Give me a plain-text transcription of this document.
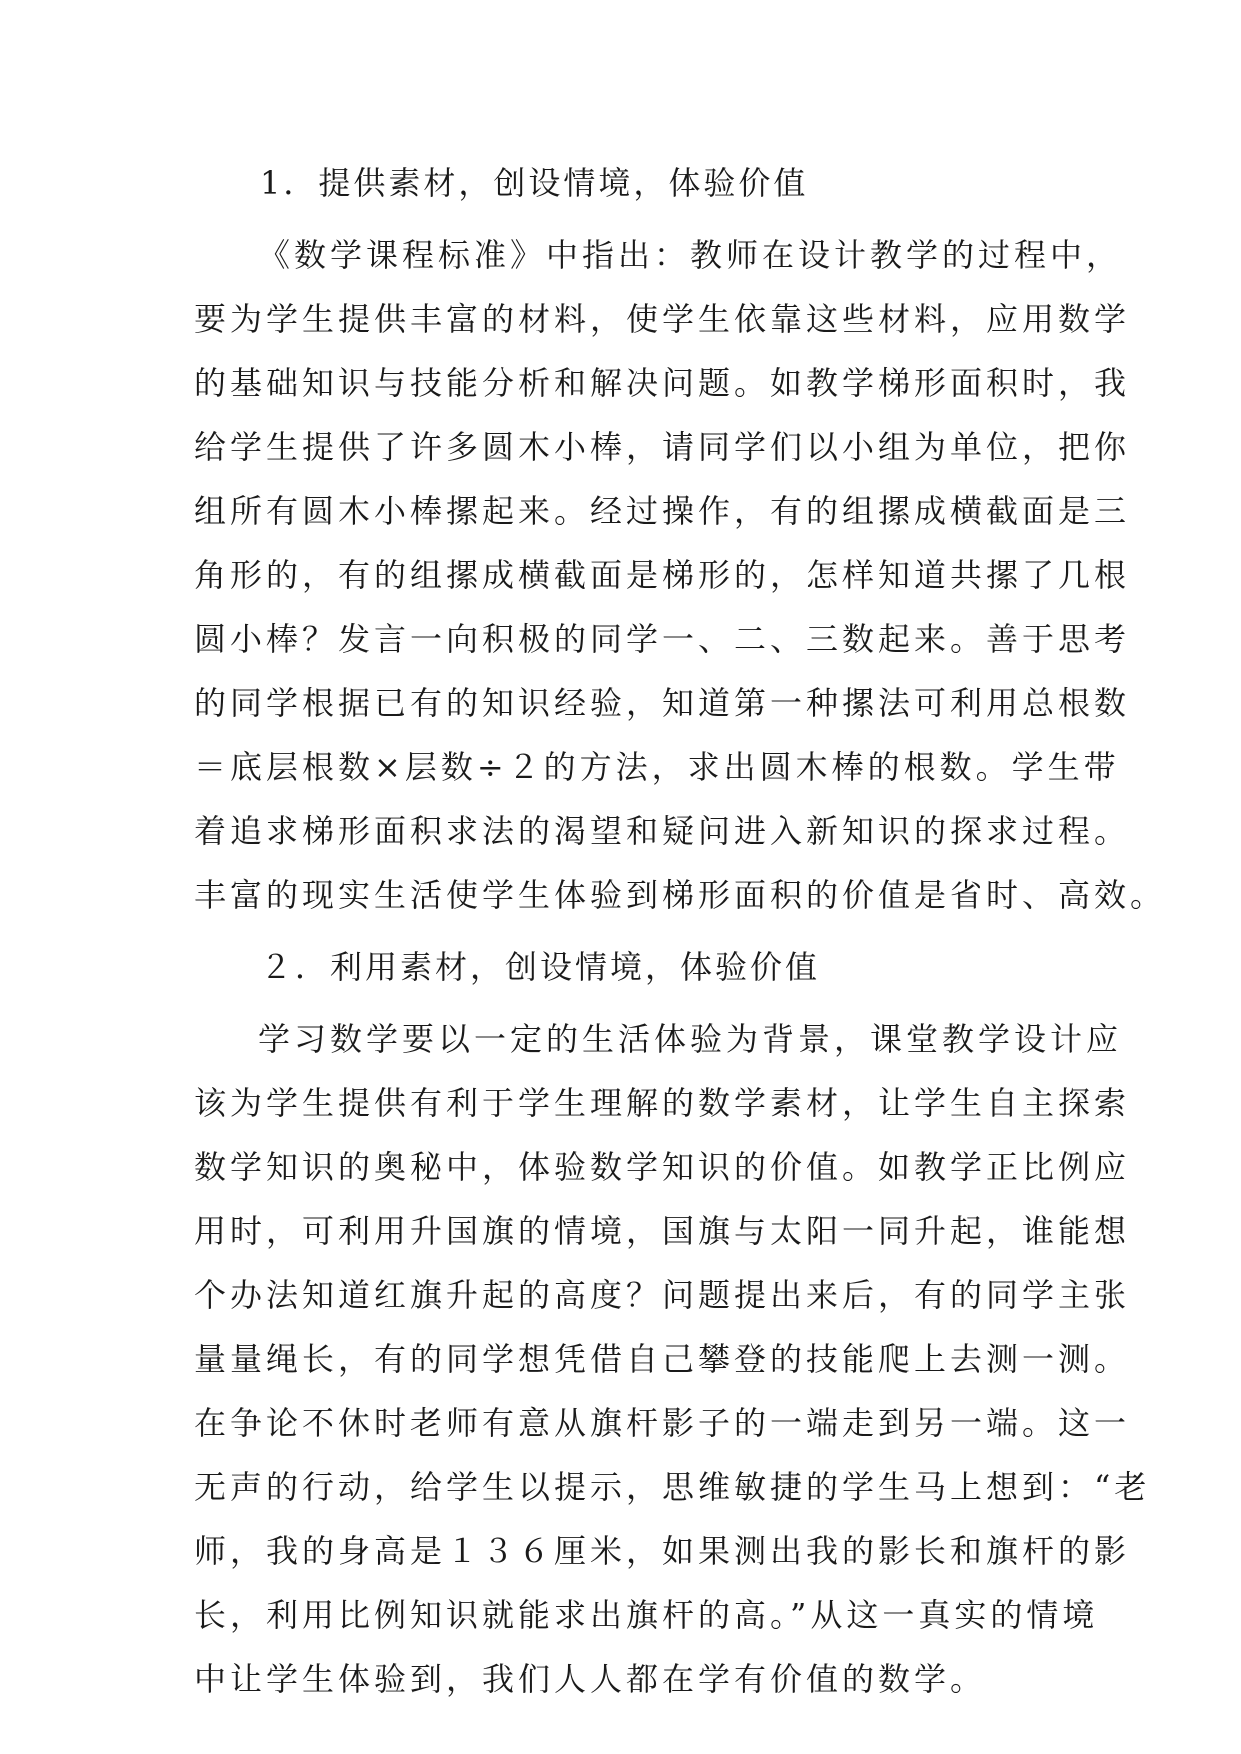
1．提供素材，创设情境，体验价值
《数学课程标准》中指出：教师在设计教学的过程中，
要为学生提供丰富的材料，使学生依靠这些材料，应用数学
的基础知识与技能分析和解决问题。如教学梯形面积时，我
给学生提供了许多圆木小棒，请同学们以小组为单位，把你
组所有圆木小棒摞起来。经过操作，有的组摞成横截面是三
角形的，有的组摞成横截面是梯形的，怎样知道共摞了几根
圆小棒？发言一向积极的同学一、二、三数起来。善于思考
的同学根据已有的知识经验，知道第一种摞法可利用总根数
＝底层根数×层数÷２的方法，求出圆木棒的根数。学生带
着追求梯形面积求法的渴望和疑问进入新知识的探求过程。
丰富的现实生活使学生体验到梯形面积的价值是省时、高效。
２．利用素材，创设情境，体验价值
学习数学要以一定的生活体验为背景，课堂教学设计应
该为学生提供有利于学生理解的数学素材，让学生自主探索
数学知识的奥秘中，体验数学知识的价值。如教学正比例应
用时，可利用升国旗的情境，国旗与太阳一同升起，谁能想
个办法知道红旗升起的高度？问题提出来后，有的同学主张
量量绳长，有的同学想凭借自己攀登的技能爬上去测一测。
在争论不休时老师有意从旗杆影子的一端走到另一端。这一
无声的行动，给学生以提示，思维敏捷的学生马上想到：“老
师，我的身高是１３６厘米，如果测出我的影长和旗杆的影
长，利用比例知识就能求出旗杆的高。”从这一真实的情境
中让学生体验到，我们人人都在学有价值的数学。
